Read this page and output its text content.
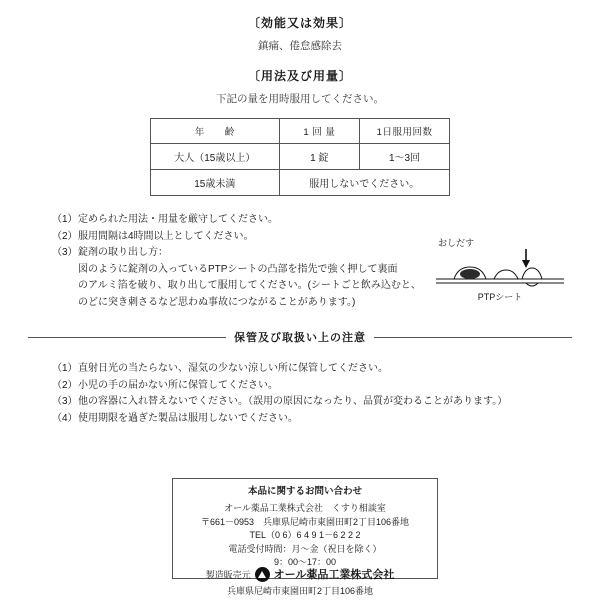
〔効能又は効果〕
鎮痛、倦怠感除去
〔用法及び用量〕
下記の量を用時服用してください。
年　　齢	1 回 量	1日服用回数
大人（15歳以上）	1 錠	1～3回
15歳未満	服用しないでください。	
（1）定められた用法・用量を厳守してください。
（2）服用間隔は4時間以上としてください。
（3）錠剤の取り出し方：
図のように錠剤の入っているPTPシートの凸部を指先で強く押して裏面
のアルミ箔を破り、取り出して服用してください。(シートごと飲み込むと、
のどに突き刺さるなど思わぬ事故につながることがあります。)
おしだす
PTPシート
保管及び取扱い上の注意
（1）直射日光の当たらない、湿気の少ない涼しい所に保管してください。
（2）小児の手の届かない所に保管してください。
（3）他の容器に入れ替えないでください。（誤用の原因になったり、品質が変わることがあります。）
（4）使用期限を過ぎた製品は服用しないでください。
本品に関するお問い合わせ
オール薬品工業株式会社　くすり相談室
〒661－0953　兵庫県尼崎市東園田町2丁目106番地
TEL（0 6）6 4 9 1－6 2 2 2
電話受付時間：月～金（祝日を除く）
9：00～17：00
製造販売元 オール薬品工業株式会社
兵庫県尼崎市東園田町2丁目106番地
